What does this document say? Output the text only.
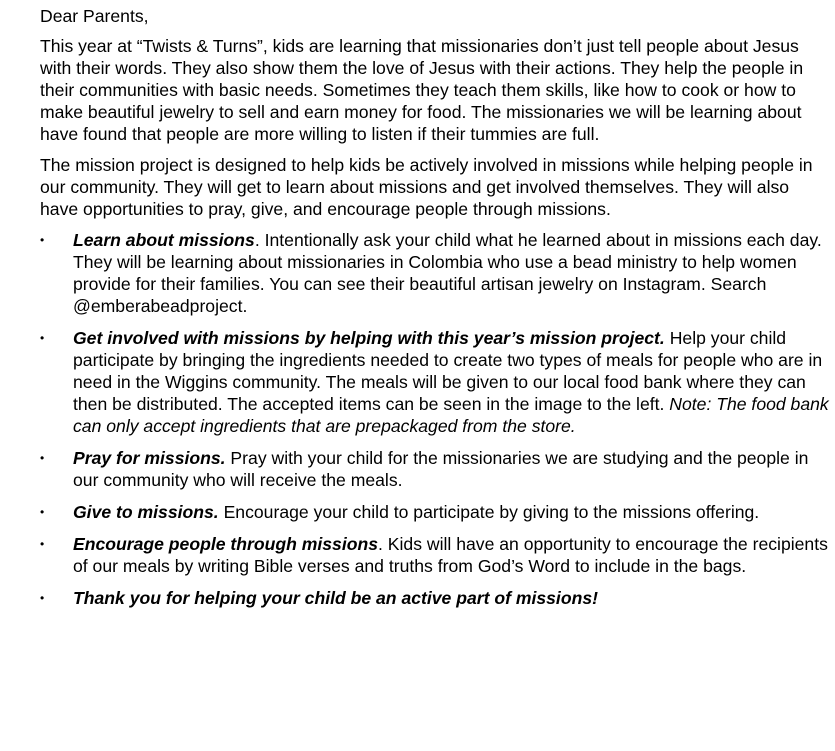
Dear Parents,

This year at “Twists & Turns”, kids are learning that missionaries don’t just tell people about Jesus with their words. They also show them the love of Jesus with their actions. They help the people in their communities with basic needs. Sometimes they teach them skills, like how to cook or how to make beautiful jewelry to sell and earn money for food. The missionaries we will be learning about have found that people are more willing to listen if their tummies are full.

The mission project is designed to help kids be actively involved in missions while helping people in our community. They will get to learn about missions and get involved themselves. They will also have opportunities to pray, give, and encourage people through missions.

•	Learn about missions. Intentionally ask your child what he learned about in missions each day. They will be learning about missionaries in Colombia who use a bead ministry to help women provide for their families. You can see their beautiful artisan jewelry on Instagram. Search @emberabeadproject.
•	Get involved with missions by helping with this year’s mission project. Help your child participate by bringing the ingredients needed to create two types of meals for people who are in need in the Wiggins community. The meals will be given to our local food bank where they can then be distributed. The accepted items can be seen in the image to the left. Note: The food bank can only accept ingredients that are prepackaged from the store.
•	Pray for missions. Pray with your child for the missionaries we are studying and the people in our community who will receive the meals.
•	Give to missions. Encourage your child to participate by giving to the missions offering.
•	Encourage people through missions. Kids will have an opportunity to encourage the recipients of our meals by writing Bible verses and truths from God’s Word to include in the bags.
•	Thank you for helping your child be an active part of missions!
